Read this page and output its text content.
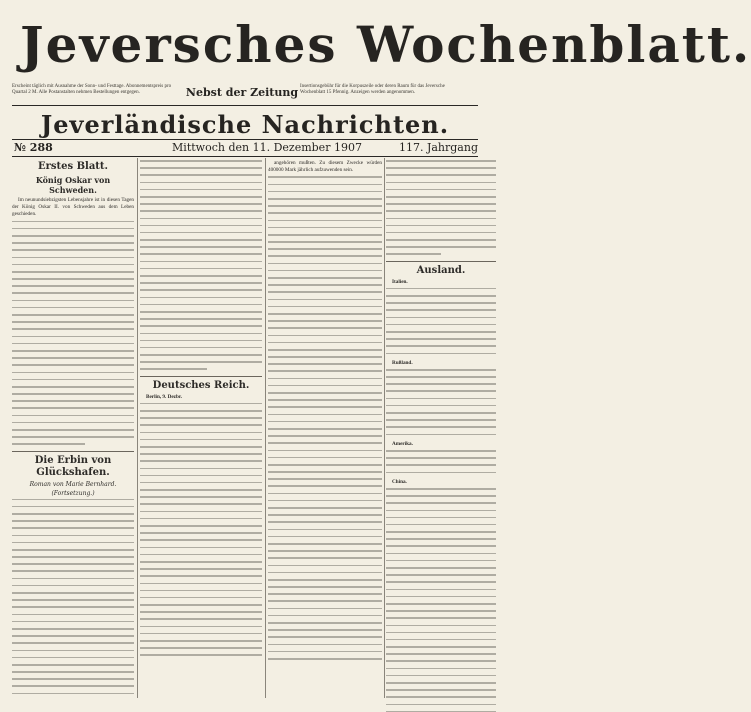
Jeversches Wochenblatt.
Erscheint täglich mit Ausnahme der Sonn- und Festtage. Abonnementspreis pro Quartal 2 M. Alle Postanstalten nehmen Bestellungen entgegen.	Nebst der Zeitung Insertionsgebühr für die Korpuszeile oder deren Raum für das Jeversche Wochenblatt 15 Pfennig. Anzeigen werden angenommen.
Jeverländische Nachrichten.
№ 288	Mittwoch den 11. Dezember 1907	117. Jahrgang
Erstes Blatt.
König Oskar von Schweden.

Im neunundsiebzigsten Lebensjahre ist in diesen Tagen der König Oskar II. von Schweden aus dem Leben geschieden.

Die Erbin von Glückshafen.
Roman von Marie Bernhard.
(Fortsetzung.)
Deutsches Reich.

Berlin, 9. Dezbr.

angehören mußten. Zu diesem Zwecke würden 400000 Mark jährlich aufzuwenden sein.

Ausland.

Italien.

Rußland.

Amerika.

China.
